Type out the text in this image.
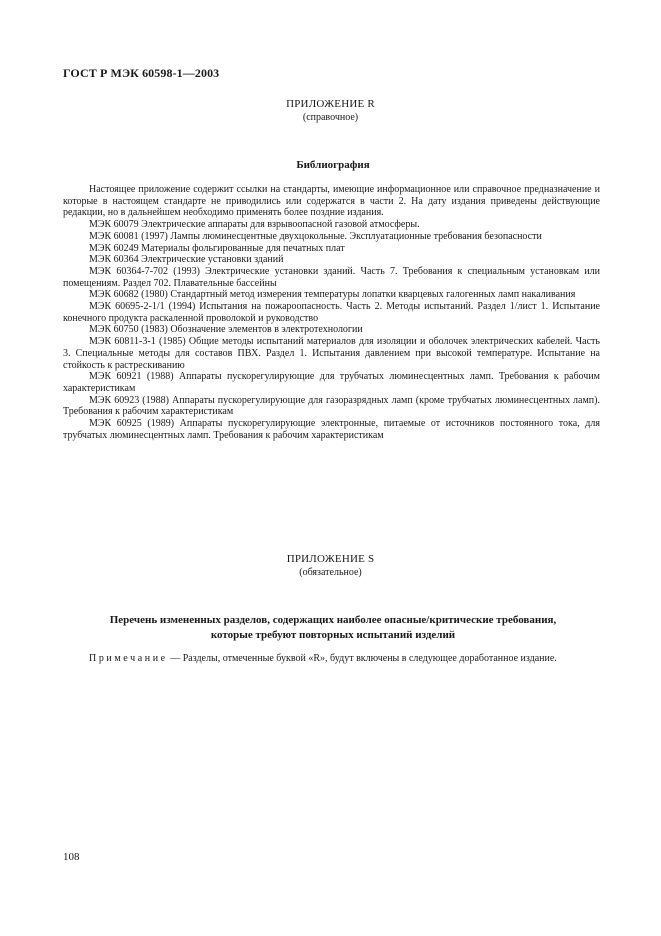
ГОСТ Р МЭК 60598-1—2003
ПРИЛОЖЕНИЕ R
(справочное)
Библиография

Настоящее приложение содержит ссылки на стандарты, имеющие информационное или справочное предназначение и которые в настоящем стандарте не приводились или содержатся в части 2. На дату издания приведены действующие редакции, но в дальнейшем необходимо применять более поздние издания.

МЭК 60079 Электрические аппараты для взрывоопасной газовой атмосферы.

МЭК 60081 (1997) Лампы люминесцентные двухцокольные. Эксплуатационные требования безопасности

МЭК 60249 Материалы фольгированные для печатных плат

МЭК 60364 Электрические установки зданий

МЭК 60364-7-702 (1993) Электрические установки зданий. Часть 7. Требования к специальным установкам или помещениям. Раздел 702. Плавательные бассейны

МЭК 60682 (1980) Стандартный метод измерения температуры лопатки кварцевых галогенных ламп накаливания

МЭК 60695-2-1/1 (1994) Испытания на пожароопасность. Часть 2. Методы испытаний. Раздел 1/лист 1. Испытание конечного продукта раскаленной проволокой и руководство

МЭК 60750 (1983) Обозначение элементов в электротехнологии

МЭК 60811-3-1 (1985) Общие методы испытаний материалов для изоляции и оболочек электрических кабелей. Часть 3. Специальные методы для составов ПВХ. Раздел 1. Испытания давлением при высокой температуре. Испытание на стойкость к растрескиванию

МЭК 60921 (1988) Аппараты пускорегулирующие для трубчатых люминесцентных ламп. Требования к рабочим характеристикам

МЭК 60923 (1988) Аппараты пускорегулирующие для газоразрядных ламп (кроме трубчатых люминесцентных ламп). Требования к рабочим характеристикам

МЭК 60925 (1989) Аппараты пускорегулирующие электронные, питаемые от источников постоянного тока, для трубчатых люминесцентных ламп. Требования к рабочим характеристикам

ПРИЛОЖЕНИЕ S
(обязательное)
Перечень измененных разделов, содержащих наиболее опасные/критические требования,
которые требуют повторных испытаний изделий

Примечание — Разделы, отмеченные буквой «R», будут включены в следующее доработанное издание.

108
